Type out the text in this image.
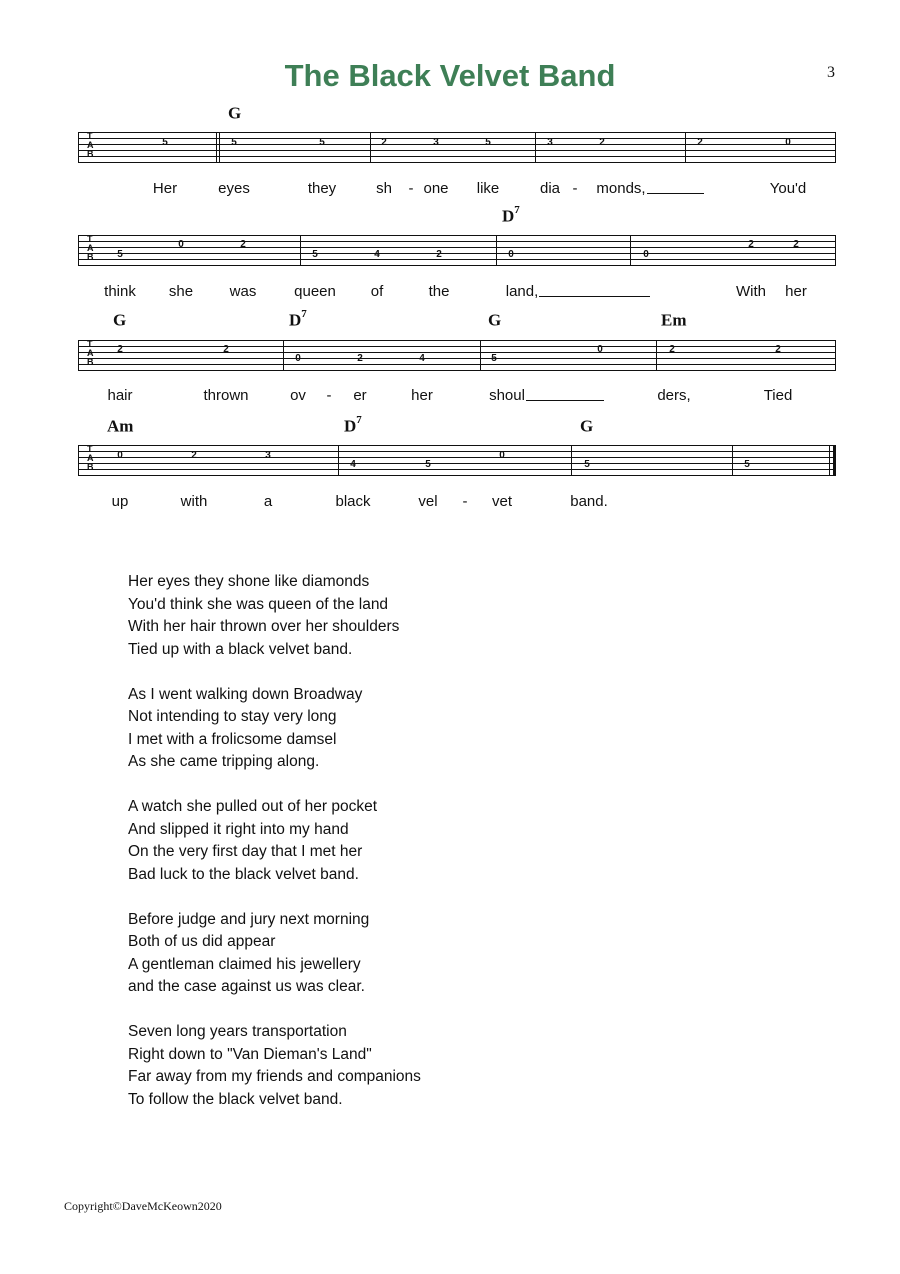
The Black Velvet Band	3
G
$D^7$
G	$D^7$	G	Em
Am	$D^7$	G
T
A
B
T
A
B
T
A
B
T
A
B
5	5	5	2	3	5	3	2	2	0
5
0	2
5	4	2	0	0
2	2
2	2
0	2	4	5
0	2	2
0	2	3
4	5
0
5	5
Her	eyes	they	sh - one like	dia - monds,	You'd
think she was	queen of	the	land,	With her
hair	thrown	ov - er	her	shoul	ders,	Tied
up	with	a	black	vel - vet	band.
Her eyes they shone like diamonds
You'd think she was queen of the land
With her hair thrown over her shoulders
Tied up with a black velvet band.
As I went walking down Broadway
Not intending to stay very long
I met with a frolicsome damsel
As she came tripping along.
A watch she pulled out of her pocket
And slipped it right into my hand
On the very first day that I met her
Bad luck to the black velvet band.
Before judge and jury next morning
Both of us did appear
A gentleman claimed his jewellery
and the case against us was clear.
Seven long years transportation
Right down to "Van Dieman's Land"
Far away from my friends and companions
To follow the black velvet band.
Copyright©DaveMcKeown2020
